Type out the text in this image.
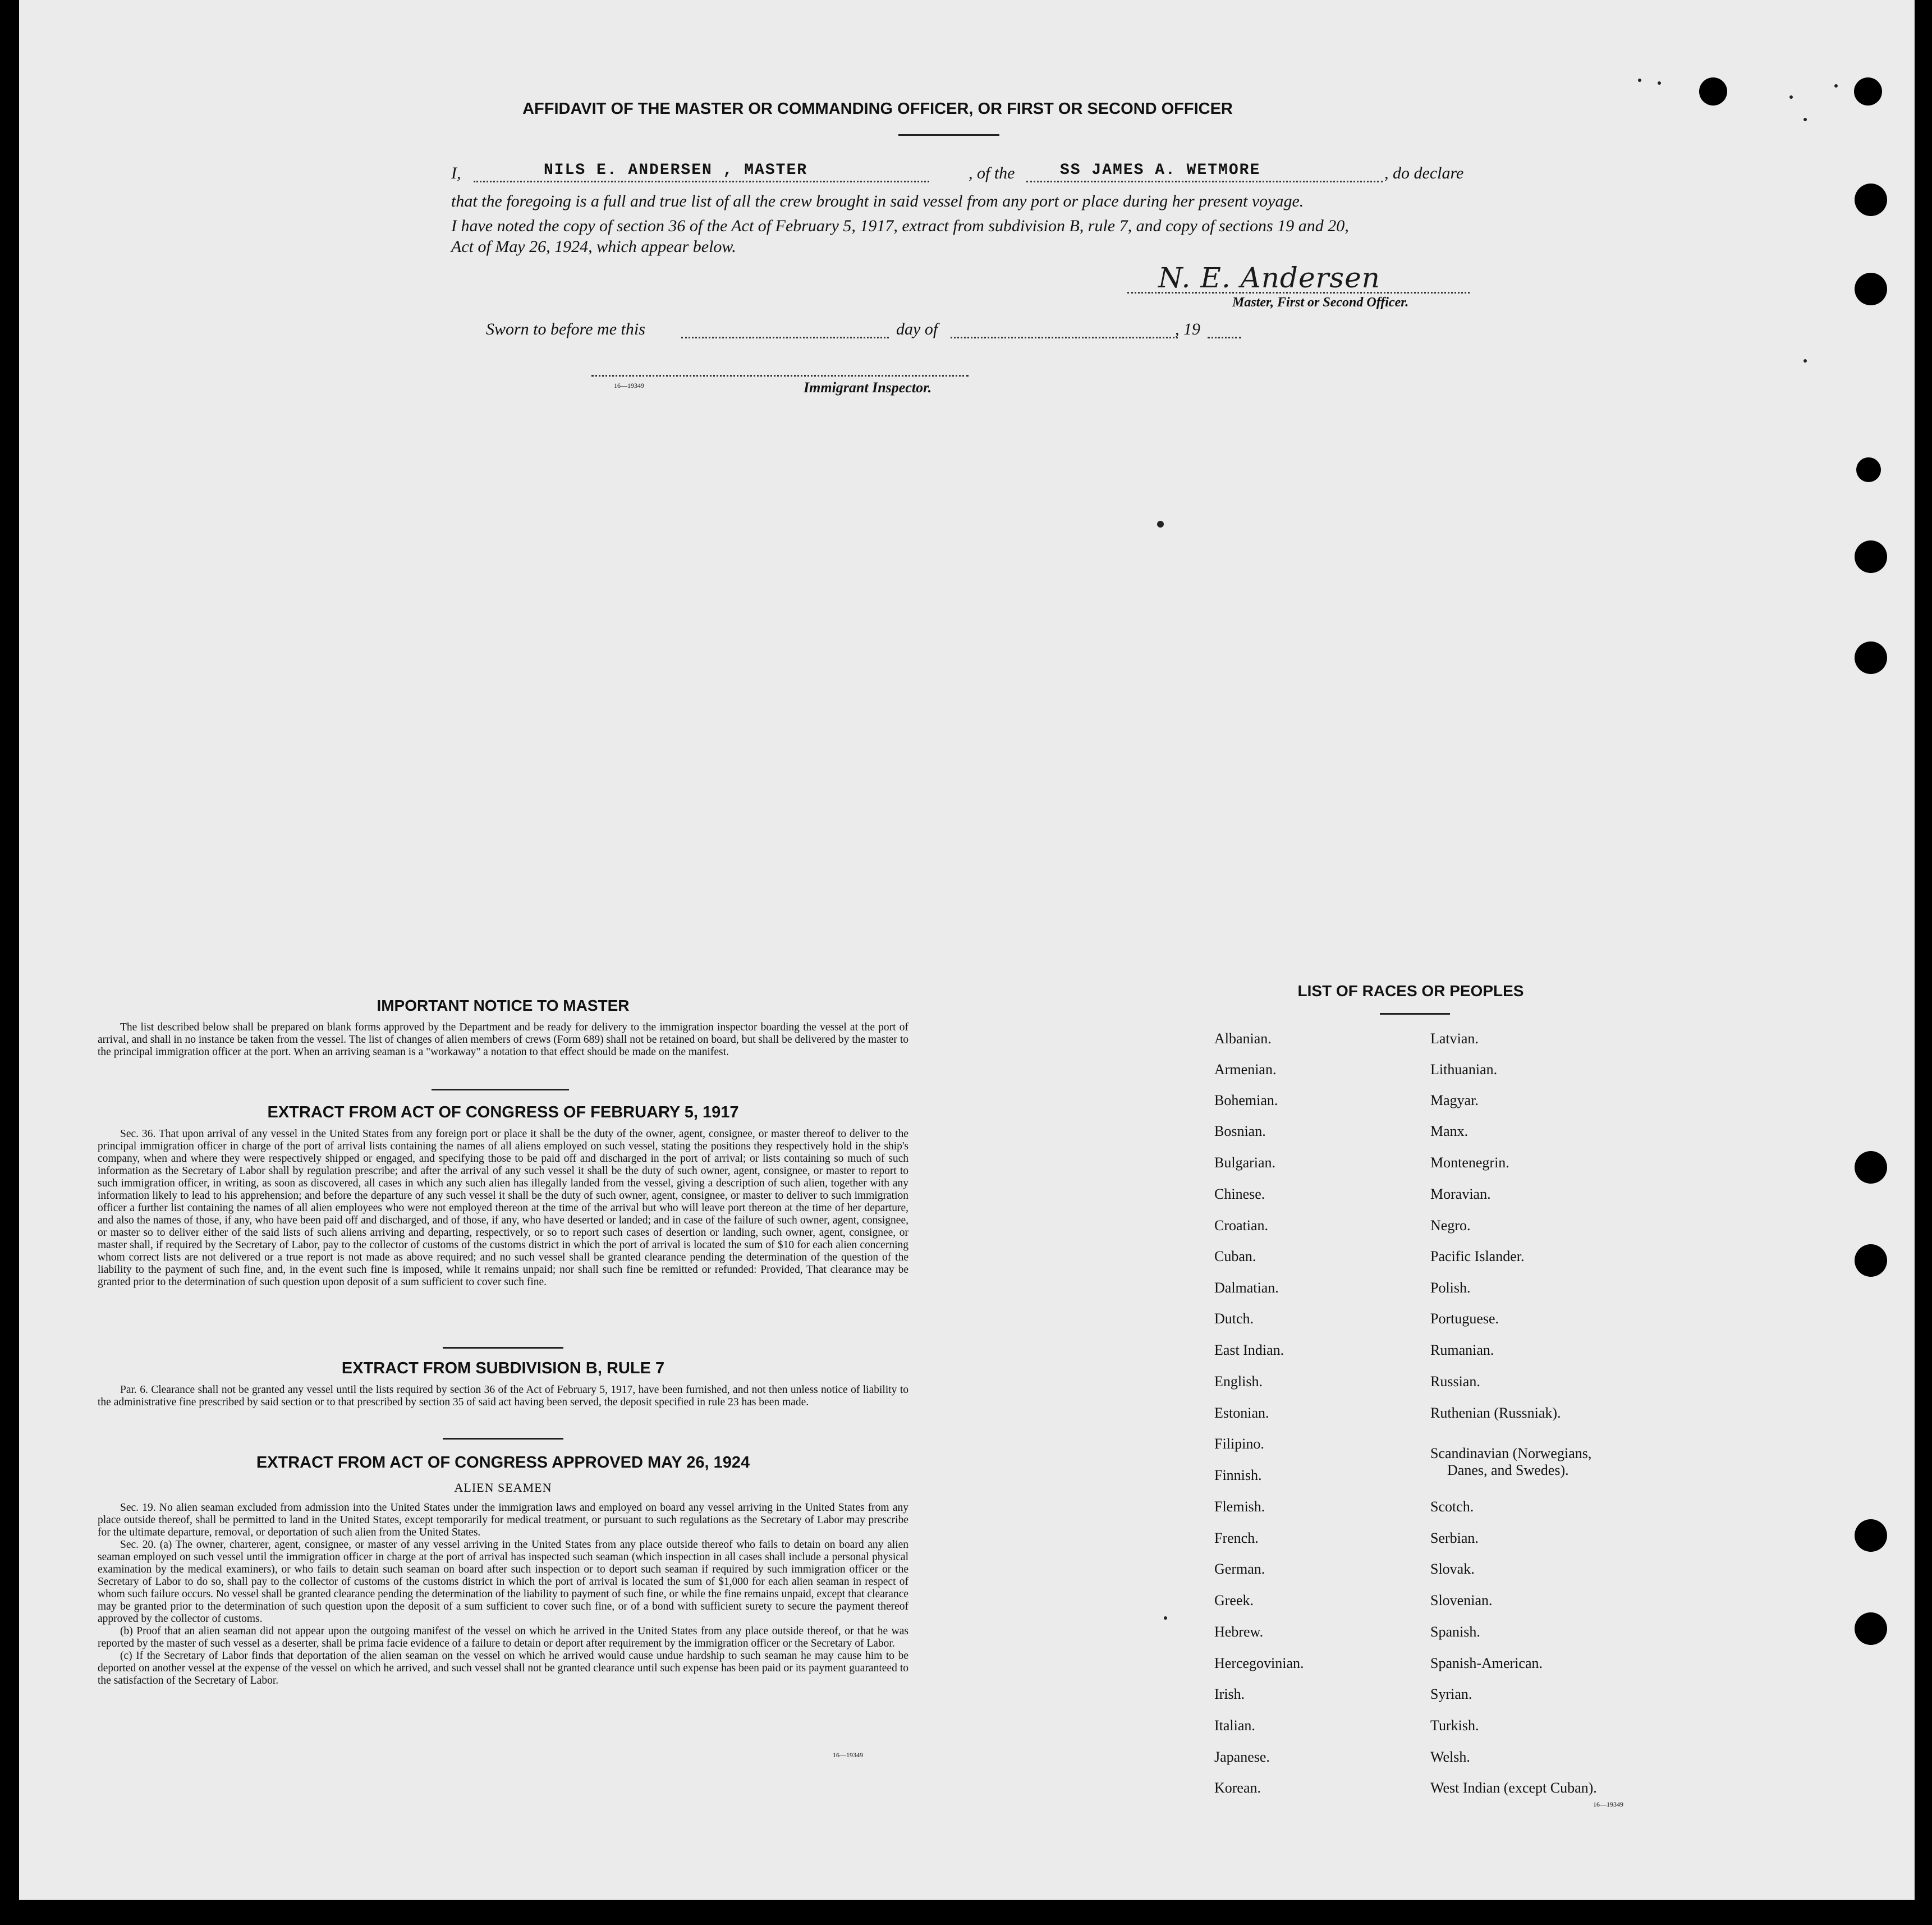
AFFIDAVIT OF THE MASTER OR COMMANDING OFFICER, OR FIRST OR SECOND OFFICER
I,	NILS E. ANDERSEN , MASTER	, of the	SS JAMES A. WETMORE	, do declare
that the foregoing is a full and true list of all the crew brought in said vessel from any port or place during her present voyage.
I have noted the copy of section 36 of the Act of February 5, 1917, extract from subdivision B, rule 7, and copy of sections 19 and 20,
Act of May 26, 1924, which appear below.
N. E. Andersen
Master, First or Second Officer.
Sworn to before me this	day of	, 19
16—19349	Immigrant Inspector.
IMPORTANT NOTICE TO MASTER
The list described below shall be prepared on blank forms approved by the Department and be ready for delivery to the immigration inspector boarding the vessel at the port of arrival, and shall in no instance be taken from the vessel. The list of changes of alien members of crews (Form 689) shall not be retained on board, but shall be delivered by the master to the principal immigration officer at the port. When an arriving seaman is a "workaway" a notation to that effect should be made on the manifest.
EXTRACT FROM ACT OF CONGRESS OF FEBRUARY 5, 1917
Sec. 36. That upon arrival of any vessel in the United States from any foreign port or place it shall be the duty of the owner, agent, consignee, or master thereof to deliver to the principal immigration officer in charge of the port of arrival lists containing the names of all aliens employed on such vessel, stating the positions they respectively hold in the ship's company, when and where they were respectively shipped or engaged, and specifying those to be paid off and discharged in the port of arrival; or lists containing so much of such information as the Secretary of Labor shall by regulation prescribe; and after the arrival of any such vessel it shall be the duty of such owner, agent, consignee, or master to report to such immigration officer, in writing, as soon as discovered, all cases in which any such alien has illegally landed from the vessel, giving a description of such alien, together with any information likely to lead to his apprehension; and before the departure of any such vessel it shall be the duty of such owner, agent, consignee, or master to deliver to such immigration officer a further list containing the names of all alien employees who were not employed thereon at the time of the arrival but who will leave port thereon at the time of her departure, and also the names of those, if any, who have been paid off and discharged, and of those, if any, who have deserted or landed; and in case of the failure of such owner, agent, consignee, or master so to deliver either of the said lists of such aliens arriving and departing, respectively, or so to report such cases of desertion or landing, such owner, agent, consignee, or master shall, if required by the Secretary of Labor, pay to the collector of customs of the customs district in which the port of arrival is located the sum of $10 for each alien concerning whom correct lists are not delivered or a true report is not made as above required; and no such vessel shall be granted clearance pending the determination of the question of the liability to the payment of such fine, and, in the event such fine is imposed, while it remains unpaid; nor shall such fine be remitted or refunded: Provided, That clearance may be granted prior to the determination of such question upon deposit of a sum sufficient to cover such fine.
EXTRACT FROM SUBDIVISION B, RULE 7
Par. 6. Clearance shall not be granted any vessel until the lists required by section 36 of the Act of February 5, 1917, have been furnished, and not then unless notice of liability to the administrative fine prescribed by said section or to that prescribed by section 35 of said act having been served, the deposit specified in rule 23 has been made.
EXTRACT FROM ACT OF CONGRESS APPROVED MAY 26, 1924
ALIEN SEAMEN
Sec. 19. No alien seaman excluded from admission into the United States under the immigration laws and employed on board any vessel arriving in the United States from any place outside thereof, shall be permitted to land in the United States, except temporarily for medical treatment, or pursuant to such regulations as the Secretary of Labor may prescribe for the ultimate departure, removal, or deportation of such alien from the United States.
Sec. 20. (a) The owner, charterer, agent, consignee, or master of any vessel arriving in the United States from any place outside thereof who fails to detain on board any alien seaman employed on such vessel until the immigration officer in charge at the port of arrival has inspected such seaman (which inspection in all cases shall include a personal physical examination by the medical examiners), or who fails to detain such seaman on board after such inspection or to deport such seaman if required by such immigration officer or the Secretary of Labor to do so, shall pay to the collector of customs of the customs district in which the port of arrival is located the sum of $1,000 for each alien seaman in respect of whom such failure occurs. No vessel shall be granted clearance pending the determination of the liability to payment of such fine, or while the fine remains unpaid, except that clearance may be granted prior to the determination of such question upon the deposit of a sum sufficient to cover such fine, or of a bond with sufficient surety to secure the payment thereof approved by the collector of customs.
(b) Proof that an alien seaman did not appear upon the outgoing manifest of the vessel on which he arrived in the United States from any place outside thereof, or that he was reported by the master of such vessel as a deserter, shall be prima facie evidence of a failure to detain or deport after requirement by the immigration officer or the Secretary of Labor.
(c) If the Secretary of Labor finds that deportation of the alien seaman on the vessel on which he arrived would cause undue hardship to such seaman he may cause him to be deported on another vessel at the expense of the vessel on which he arrived, and such vessel shall not be granted clearance until such expense has been paid or its payment guaranteed to the satisfaction of the Secretary of Labor.
16—19349
LIST OF RACES OR PEOPLES
Albanian.
Armenian.
Bohemian.
Bosnian.
Bulgarian.
Chinese.
Croatian.
Cuban.
Dalmatian.
Dutch.
East Indian.
English.
Estonian.
Filipino.
Finnish.
Flemish.
French.
German.
Greek.
Hebrew.
Hercegovinian.
Irish.
Italian.
Japanese.
Korean.
Latvian.
Lithuanian.
Magyar.
Manx.
Montenegrin.
Moravian.
Negro.
Pacific Islander.
Polish.
Portuguese.
Rumanian.
Russian.
Ruthenian (Russniak).
Scandinavian (Norwegians,
Danes, and Swedes).
Scotch.
Serbian.
Slovak.
Slovenian.
Spanish.
Spanish-American.
Syrian.
Turkish.
Welsh.
West Indian (except Cuban).
16—19349
